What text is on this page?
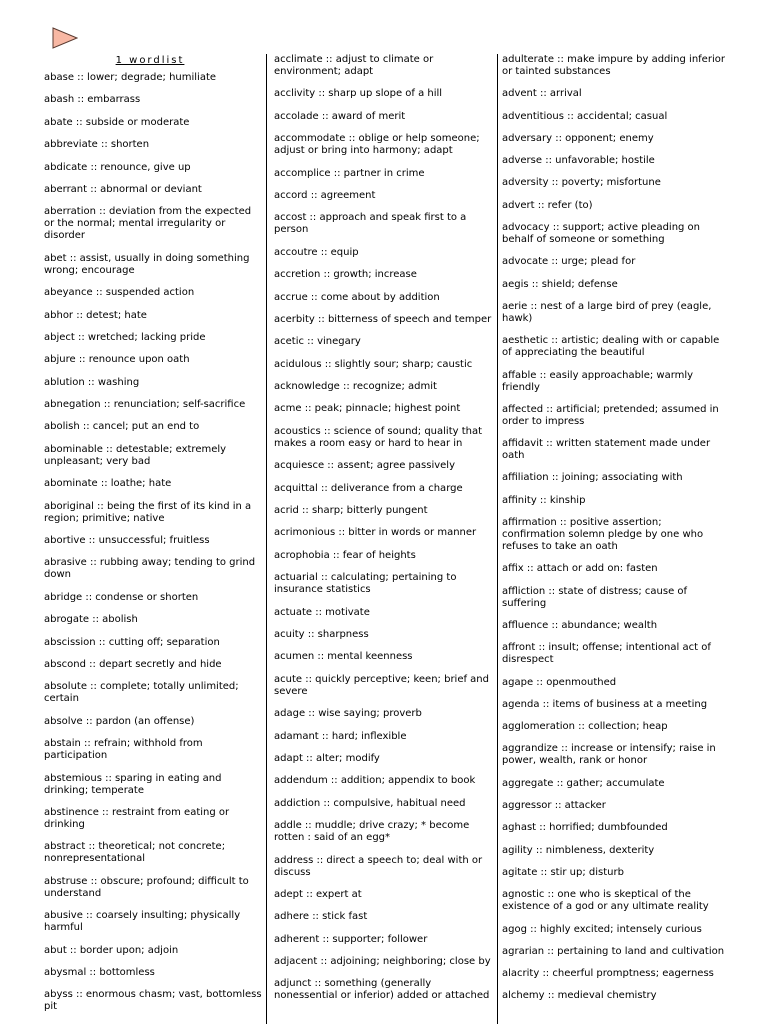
1 wordlist
abase :: lower; degrade; humiliate
abash :: embarrass
abate :: subside or moderate
abbreviate :: shorten
abdicate :: renounce, give up
aberrant :: abnormal or deviant
aberration :: deviation from the expected or the normal; mental irregularity or disorder
abet :: assist, usually in doing something wrong; encourage
abeyance :: suspended action
abhor :: detest; hate
abject :: wretched; lacking pride
abjure :: renounce upon oath
ablution :: washing
abnegation :: renunciation; self-sacrifice
abolish :: cancel; put an end to
abominable :: detestable; extremely unpleasant; very bad
abominate :: loathe; hate
aboriginal :: being the first of its kind in a region; primitive; native
abortive :: unsuccessful; fruitless
abrasive :: rubbing away; tending to grind down
abridge :: condense or shorten
abrogate :: abolish
abscission :: cutting off; separation
abscond :: depart secretly and hide
absolute :: complete; totally unlimited; certain
absolve :: pardon (an offense)
abstain :: refrain; withhold from participation
abstemious :: sparing in eating and drinking; temperate
abstinence :: restraint from eating or drinking
abstract :: theoretical; not concrete; nonrepresentational
abstruse :: obscure; profound; difficult to understand
abusive :: coarsely insulting; physically harmful
abut :: border upon; adjoin
abysmal :: bottomless
abyss :: enormous chasm; vast, bottomless pit
acclimate :: adjust to climate or environment; adapt
acclivity :: sharp up slope of a hill
accolade :: award of merit
accommodate :: oblige or help someone; adjust or bring into harmony; adapt
accomplice :: partner in crime
accord :: agreement
accost :: approach and speak first to a person
accoutre :: equip
accretion :: growth; increase
accrue :: come about by addition
acerbity :: bitterness of speech and temper
acetic :: vinegary
acidulous :: slightly sour; sharp; caustic
acknowledge :: recognize; admit
acme :: peak; pinnacle; highest point
acoustics :: science of sound; quality that makes a room easy or hard to hear in
acquiesce :: assent; agree passively
acquittal :: deliverance from a charge
acrid :: sharp; bitterly pungent
acrimonious :: bitter in words or manner
acrophobia :: fear of heights
actuarial :: calculating; pertaining to insurance statistics
actuate :: motivate
acuity :: sharpness
acumen :: mental keenness
acute :: quickly perceptive; keen; brief and severe
adage :: wise saying; proverb
adamant :: hard; inflexible
adapt :: alter; modify
addendum :: addition; appendix to book
addiction :: compulsive, habitual need
addle :: muddle; drive crazy; * become rotten : said of an egg*
address :: direct a speech to; deal with or discuss
adept :: expert at
adhere :: stick fast
adherent :: supporter; follower
adjacent :: adjoining; neighboring; close by
adjunct :: something (generally nonessential or inferior) added or attached
adulterate :: make impure by adding inferior or tainted substances
advent :: arrival
adventitious :: accidental; casual
adversary :: opponent; enemy
adverse :: unfavorable; hostile
adversity :: poverty; misfortune
advert :: refer (to)
advocacy :: support; active pleading on behalf of someone or something
advocate :: urge; plead for
aegis :: shield; defense
aerie :: nest of a large bird of prey (eagle, hawk)
aesthetic :: artistic; dealing with or capable of appreciating the beautiful
affable :: easily approachable; warmly friendly
affected :: artificial; pretended; assumed in order to impress
affidavit :: written statement made under oath
affiliation :: joining; associating with
affinity :: kinship
affirmation :: positive assertion; confirmation solemn pledge by one who refuses to take an oath
affix :: attach or add on: fasten
affliction :: state of distress; cause of suffering
affluence :: abundance; wealth
affront :: insult; offense; intentional act of disrespect
agape :: openmouthed
agenda :: items of business at a meeting
agglomeration :: collection; heap
aggrandize :: increase or intensify; raise in power, wealth, rank or honor
aggregate :: gather; accumulate
aggressor :: attacker
aghast :: horrified; dumbfounded
agility :: nimbleness, dexterity
agitate :: stir up; disturb
agnostic :: one who is skeptical of the existence of a god or any ultimate reality
agog :: highly excited; intensely curious
agrarian :: pertaining to land and cultivation
alacrity :: cheerful promptness; eagerness
alchemy :: medieval chemistry
